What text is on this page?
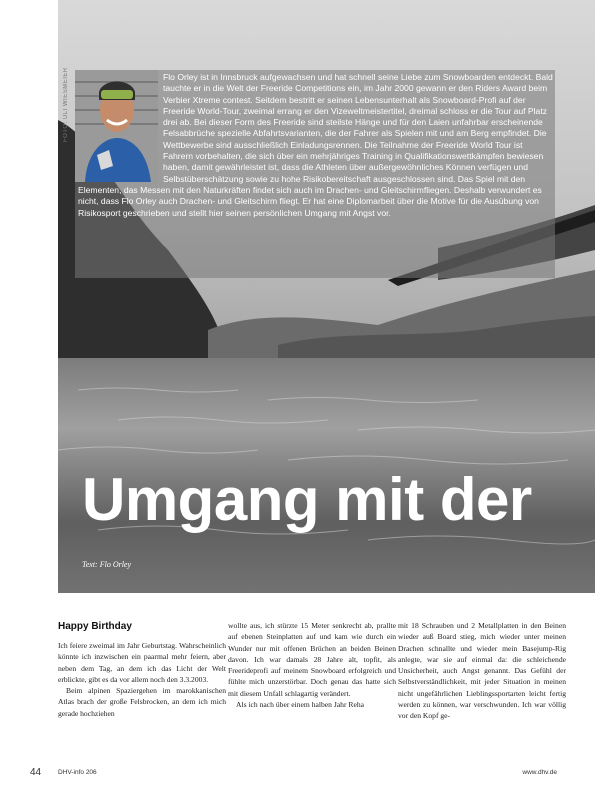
FOTO: ULI WIESMEIER	Flo Orley ist in Innsbruck aufgewachsen und hat schnell seine Liebe zum Snowboarden entdeckt. Bald tauchte er in die Welt der Freeride Competitions ein, im Jahr 2000 gewann er den Riders Award beim Verbier Xtreme contest. Seitdem bestritt er seinen Lebensunterhalt als Snowboard-Profi auf der Freeride World-Tour, zweimal errang er den Vizeweltmeistertitel, dreimal schloss er die Tour auf Platz drei ab. Bei dieser Form des Freeride sind steilste Hänge und für den Laien unfahrbar erscheinende Felsabbrüche spezielle Abfahrtsvarianten, die der Fahrer als Spielen mit und am Berg empfindet. Die Wettbewerbe sind ausschließlich Einladungsrennen. Die Teilnahme der Freeride World Tour ist Fahrern vorbehalten, die sich über ein mehrjähriges Training in Qualifikationswettkämpfen bewiesen haben, damit gewährleistet ist, dass die Athleten über außergewöhnliches Können verfügen und Selbstüberschätzung sowie zu hohe Risikobereitschaft ausgeschlossen sind. Das Spiel mit den Elementen, das Messen mit den Naturkräften findet sich auch im Drachen- und Gleitschirmfliegen. Deshalb verwundert es nicht, dass Flo Orley auch Drachen- und Gleitschirm fliegt. Er hat eine Diplomarbeit über die Motive für die Ausübung von Risikosport geschrieben und stellt hier seinen persönlichen Umgang mit Angst vor.

Umgang mit der
Text: Flo Orley
Happy Birthday

Ich feiere zweimal im Jahr Geburtstag. Wahrscheinlich könnte ich inzwischen ein paarmal mehr feiern, aber neben dem Tag, an dem ich das Licht der Welt erblickte, gibt es da vor allem noch den 3.3.2003.

Beim alpinen Spaziergehen im marokkanischen Atlas brach der große Felsbrocken, an dem ich mich gerade hochziehen

wollte aus, ich stürzte 15 Meter senkrecht ab, prallte auf ebenen Steinplatten auf und kam wie durch ein Wunder nur mit offenen Brüchen an beiden Beinen davon. Ich war damals 28 Jahre alt, topfit, als Freerideprofi auf meinem Snowboard erfolgreich und fühlte mich unzerstörbar. Doch genau das hatte sich mit diesem Unfall schlagartig verändert.

Als ich nach über einem halben Jahr Reha

mit 18 Schrauben und 2 Metallplatten in den Beinen wieder auß Board stieg, mich wieder unter meinen Drachen schnallte und wieder mein Basejump-Rig anlegte, war sie auf einmal da: die schleichende Unsicherheit, auch Angst genannt. Das Gefühl der Selbstverständlichkeit, mit jeder Situation in meinen nicht ungefährlichen Lieblingssportarten leicht fertig werden zu können, war verschwunden. Ich war völlig vor den Kopf ge-

44	DHV-info 206	www.dhv.de
